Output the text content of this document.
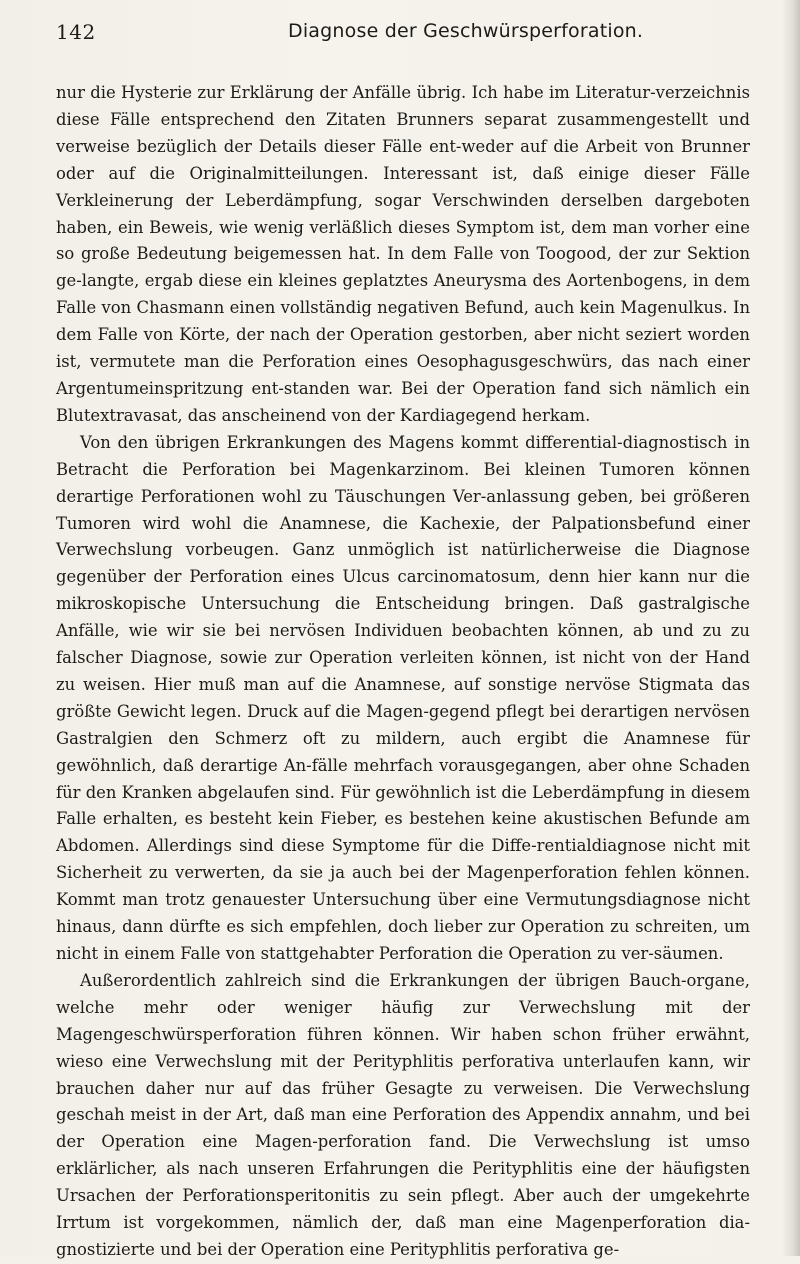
142	Diagnose der Geschwürsperforation.

nur die Hysterie zur Erklärung der Anfälle übrig. Ich habe im Literatur-verzeichnis diese Fälle entsprechend den Zitaten Brunners separat zusammengestellt und verweise bezüglich der Details dieser Fälle ent-weder auf die Arbeit von Brunner oder auf die Originalmitteilungen. Interessant ist, daß einige dieser Fälle Verkleinerung der Leberdämpfung, sogar Verschwinden derselben dargeboten haben, ein Beweis, wie wenig verläßlich dieses Symptom ist, dem man vorher eine so große Bedeutung beigemessen hat. In dem Falle von Toogood, der zur Sektion ge-langte, ergab diese ein kleines geplatztes Aneurysma des Aortenbogens, in dem Falle von Chasmann einen vollständig negativen Befund, auch kein Magenulkus. In dem Falle von Körte, der nach der Operation gestorben, aber nicht seziert worden ist, vermutete man die Perforation eines Oesophagusgeschwürs, das nach einer Argentumeinspritzung ent-standen war. Bei der Operation fand sich nämlich ein Blutextravasat, das anscheinend von der Kardiagegend herkam.

Von den übrigen Erkrankungen des Magens kommt differential-diagnostisch in Betracht die Perforation bei Magenkarzinom. Bei kleinen Tumoren können derartige Perforationen wohl zu Täuschungen Ver-anlassung geben, bei größeren Tumoren wird wohl die Anamnese, die Kachexie, der Palpationsbefund einer Verwechslung vorbeugen. Ganz unmöglich ist natürlicherweise die Diagnose gegenüber der Perforation eines Ulcus carcinomatosum, denn hier kann nur die mikroskopische Untersuchung die Entscheidung bringen. Daß gastralgische Anfälle, wie wir sie bei nervösen Individuen beobachten können, ab und zu zu falscher Diagnose, sowie zur Operation verleiten können, ist nicht von der Hand zu weisen. Hier muß man auf die Anamnese, auf sonstige nervöse Stigmata das größte Gewicht legen. Druck auf die Magen-gegend pflegt bei derartigen nervösen Gastralgien den Schmerz oft zu mildern, auch ergibt die Anamnese für gewöhnlich, daß derartige An-fälle mehrfach vorausgegangen, aber ohne Schaden für den Kranken abgelaufen sind. Für gewöhnlich ist die Leberdämpfung in diesem Falle erhalten, es besteht kein Fieber, es bestehen keine akustischen Befunde am Abdomen. Allerdings sind diese Symptome für die Diffe-rentialdiagnose nicht mit Sicherheit zu verwerten, da sie ja auch bei der Magenperforation fehlen können. Kommt man trotz genauester Untersuchung über eine Vermutungsdiagnose nicht hinaus, dann dürfte es sich empfehlen, doch lieber zur Operation zu schreiten, um nicht in einem Falle von stattgehabter Perforation die Operation zu ver-säumen.

Außerordentlich zahlreich sind die Erkrankungen der übrigen Bauch-organe, welche mehr oder weniger häufig zur Verwechslung mit der Magengeschwürsperforation führen können. Wir haben schon früher erwähnt, wieso eine Verwechslung mit der Perityphlitis perforativa unterlaufen kann, wir brauchen daher nur auf das früher Gesagte zu verweisen. Die Verwechslung geschah meist in der Art, daß man eine Perforation des Appendix annahm, und bei der Operation eine Magen-perforation fand. Die Verwechslung ist umso erklärlicher, als nach unseren Erfahrungen die Perityphlitis eine der häufigsten Ursachen der Perforationsperitonitis zu sein pflegt. Aber auch der umgekehrte Irrtum ist vorgekommen, nämlich der, daß man eine Magenperforation dia-gnostizierte und bei der Operation eine Perityphlitis perforativa ge-
